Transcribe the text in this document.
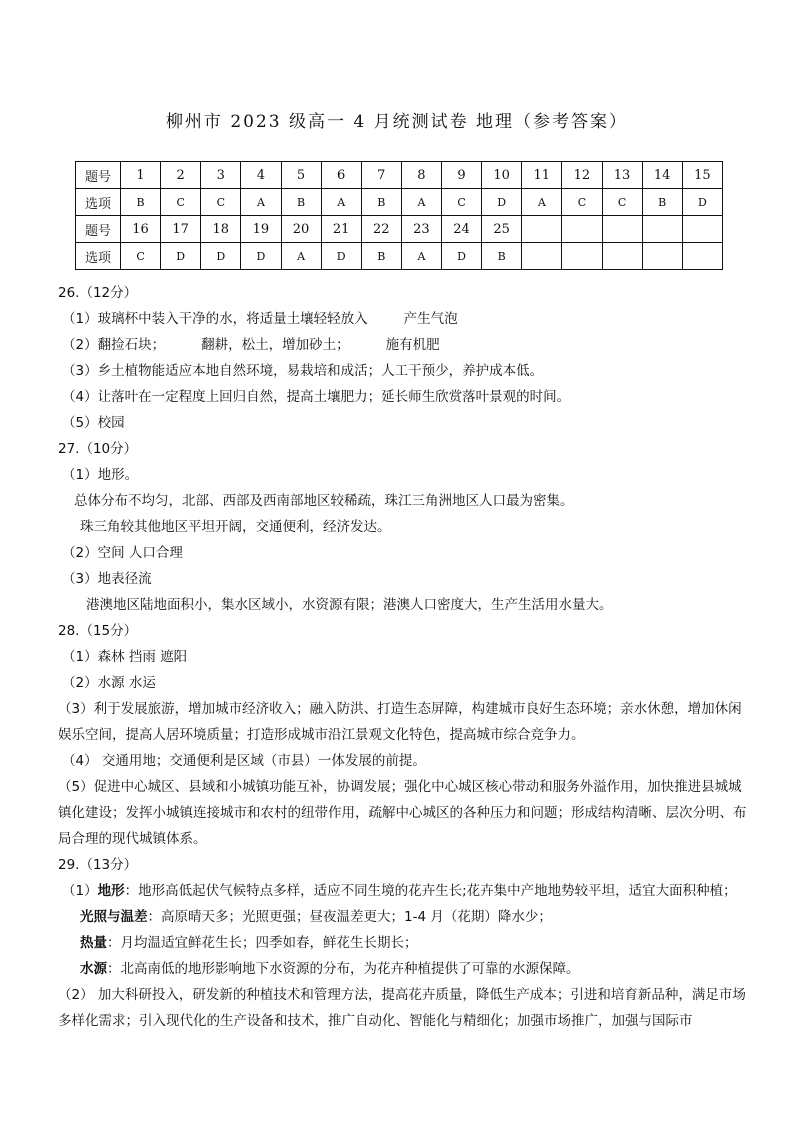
柳州市 2023 级高一 4 月统测试卷 地理（参考答案）
题号	1	2	3	4	5	6	7	8	9	10	11	12	13	14	15
选项	B	C	C	A	B	A	B	A	C	D	A	C	C	B	D
题号	16	17	18	19	20	21	22	23	24	25					
选项	C	D	D	D	A	D	B	A	D	B					
26.（12分）
（1）玻璃杯中装入干净的水，将适量土壤轻轻放入	产生气泡
（2）翻捡石块；	翻耕，松土，增加砂土；	施有机肥
（3）乡土植物能适应本地自然环境，易栽培和成活；人工干预少，养护成本低。
（4）让落叶在一定程度上回归自然，提高土壤肥力；延长师生欣赏落叶景观的时间。
（5）校园
27.（10分）
（1）地形。
总体分布不均匀，北部、西部及西南部地区较稀疏，珠江三角洲地区人口最为密集。
珠三角较其他地区平坦开阔，交通便利，经济发达。
（2）空间 人口合理
（3）地表径流
港澳地区陆地面积小，集水区域小，水资源有限；港澳人口密度大，生产生活用水量大。
28.（15分）
（1）森林 挡雨 遮阳
（2）水源 水运
（3）利于发展旅游，增加城市经济收入；融入防洪、打造生态屏障，构建城市良好生态环境；亲水休憩，增加休闲娱乐空间，提高人居环境质量；打造形成城市沿江景观文化特色，提高城市综合竞争力。
（4） 交通用地；交通便利是区域（市县）一体发展的前提。
（5）促进中心城区、县域和小城镇功能互补，协调发展；强化中心城区核心带动和服务外溢作用，加快推进县城城镇化建设；发挥小城镇连接城市和农村的纽带作用，疏解中心城区的各种压力和问题；形成结构清晰、层次分明、布局合理的现代城镇体系。
29.（13分）
（1）地形：地形高低起伏气候特点多样，适应不同生境的花卉生长;花卉集中产地地势较平坦，适宜大面积种植；
光照与温差：高原晴天多；光照更强；昼夜温差更大；1-4 月（花期）降水少；
热量：月均温适宜鲜花生长；四季如春，鲜花生长期长；
水源：北高南低的地形影响地下水资源的分布，为花卉种植提供了可靠的水源保障。
（2） 加大科研投入，研发新的种植技术和管理方法，提高花卉质量，降低生产成本；引进和培育新品种，满足市场多样化需求；引入现代化的生产设备和技术，推广自动化、智能化与精细化；加强市场推广，加强与国际市
